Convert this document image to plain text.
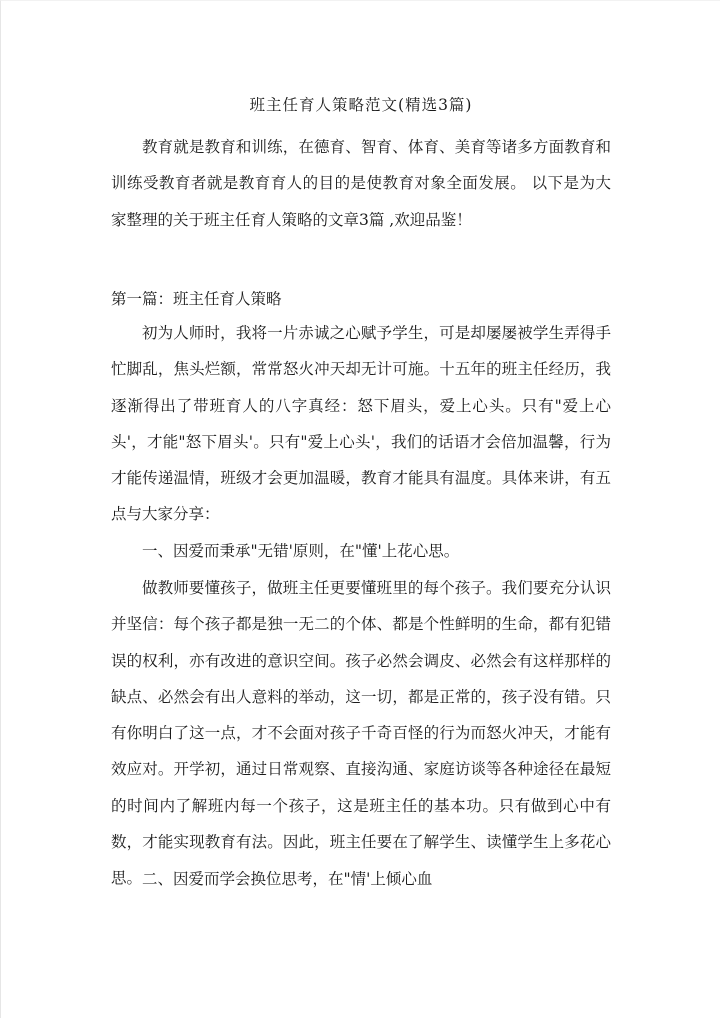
班主任育人策略范文(精选3篇)

教育就是教育和训练，在德育、智育、体育、美育等诸多方面教育和训练受教育者就是教育育人的目的是使教育对象全面发展。 以下是为大家整理的关于班主任育人策略的文章3篇 ,欢迎品鉴！

第一篇：班主任育人策略

初为人师时，我将一片赤诚之心赋予学生，可是却屡屡被学生弄得手忙脚乱，焦头烂额，常常怒火冲天却无计可施。十五年的班主任经历，我逐渐得出了带班育人的八字真经：怒下眉头，爱上心头。只有"爱上心头'，才能"怒下眉头'。只有"爱上心头'，我们的话语才会倍加温馨，行为才能传递温情，班级才会更加温暖，教育才能具有温度。具体来讲，有五点与大家分享：

一、因爱而秉承"无错'原则，在"懂'上花心思。

做教师要懂孩子，做班主任更要懂班里的每个孩子。我们要充分认识并坚信：每个孩子都是独一无二的个体、都是个性鲜明的生命，都有犯错误的权利，亦有改进的意识空间。孩子必然会调皮、必然会有这样那样的缺点、必然会有出人意料的举动，这一切，都是正常的，孩子没有错。只有你明白了这一点，才不会面对孩子千奇百怪的行为而怒火冲天，才能有效应对。开学初，通过日常观察、直接沟通、家庭访谈等各种途径在最短的时间内了解班内每一个孩子，这是班主任的基本功。只有做到心中有数，才能实现教育有法。因此，班主任要在了解学生、读懂学生上多花心思。 二、因爱而学会换位思考，在"情'上倾心血
